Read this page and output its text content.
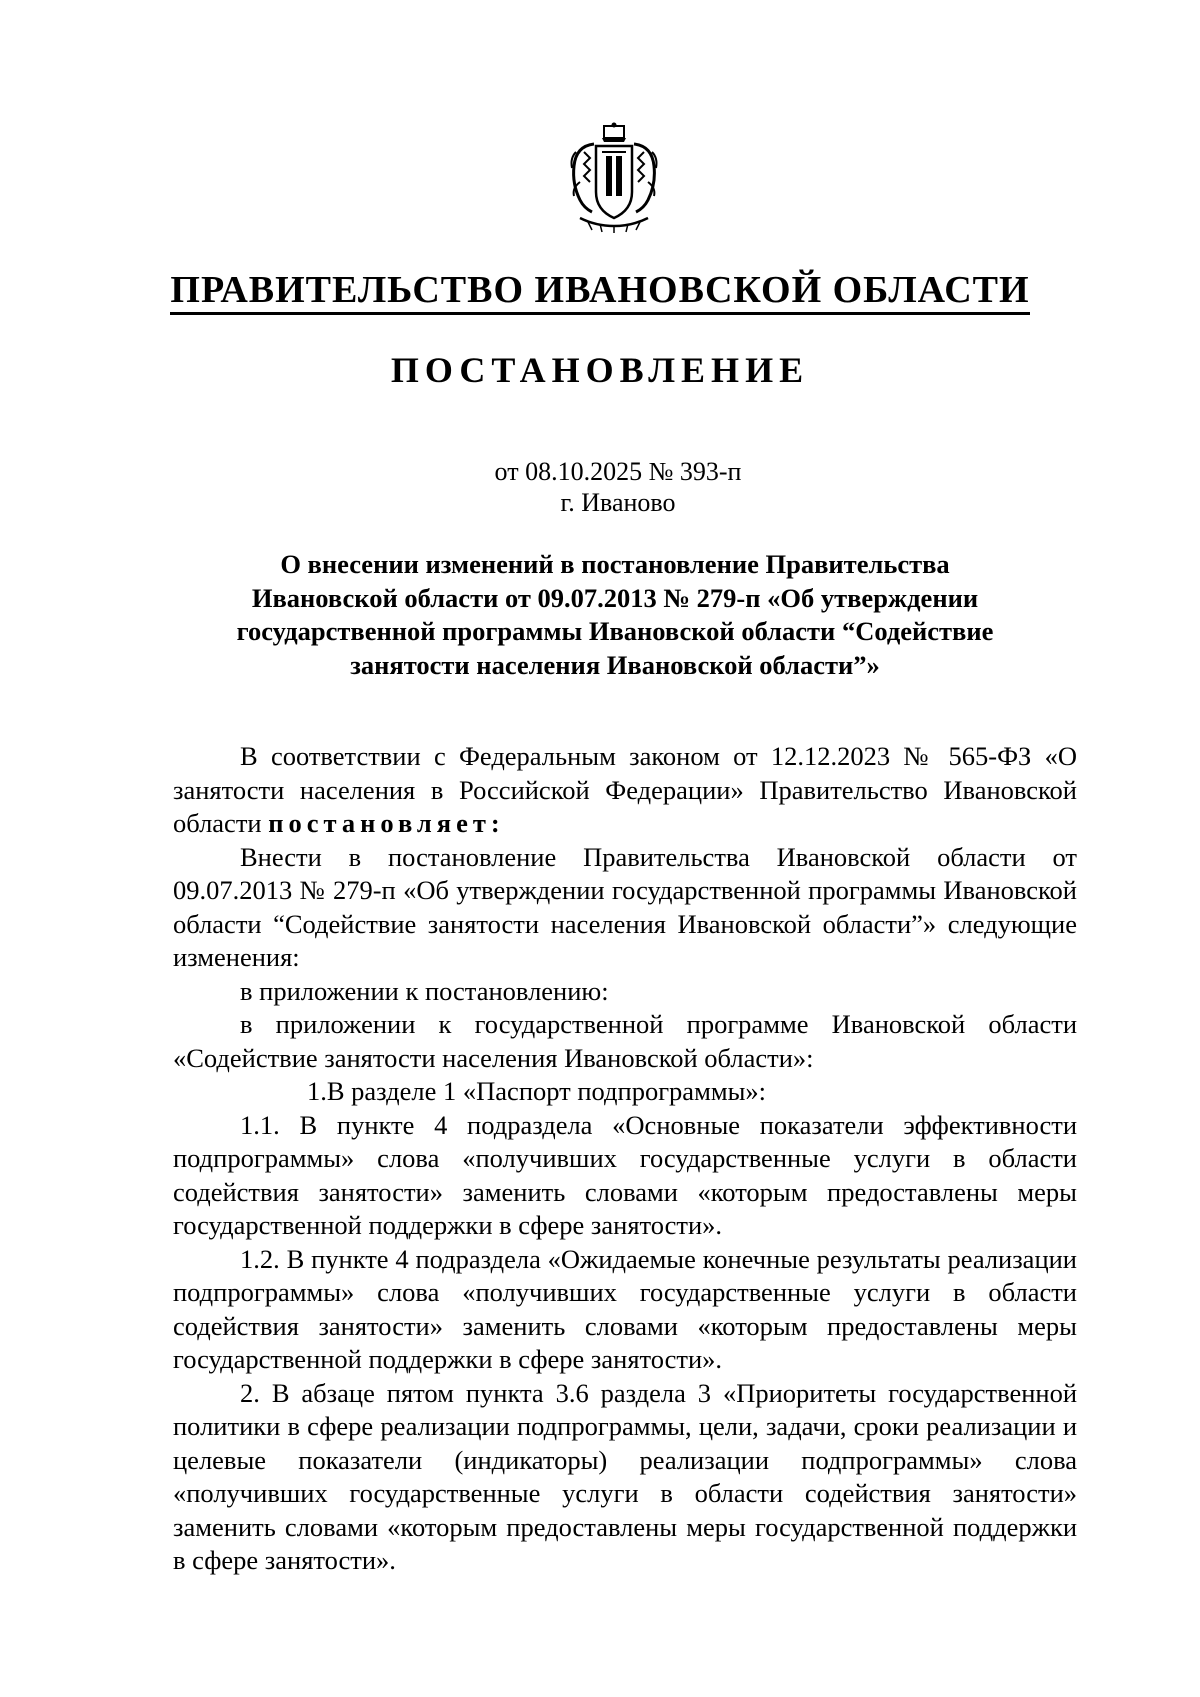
ПРАВИТЕЛЬСТВО ИВАНОВСКОЙ ОБЛАСТИ
ПОСТАНОВЛЕНИЕ
от 08.10.2025 № 393-п
г. Иваново
О внесении изменений в постановление Правительства
Ивановской области от 09.07.2013 № 279-п «Об утверждении
государственной программы Ивановской области “Содействие
занятости населения Ивановской области”»

В соответствии с Федеральным законом от 12.12.2023 № 565-ФЗ «О занятости населения в Российской Федерации» Правительство Ивановской области постановляет:

Внести в постановление Правительства Ивановской области от 09.07.2013 № 279-п «Об утверждении государственной программы Ивановской области “Содействие занятости населения Ивановской области”» следующие изменения:

в приложении к постановлению:

в приложении к государственной программе Ивановской области «Содействие занятости населения Ивановской области»:

1.В разделе 1 «Паспорт подпрограммы»:

1.1. В пункте 4 подраздела «Основные показатели эффективности подпрограммы» слова «получивших государственные услуги в области содействия занятости» заменить словами «которым предоставлены меры государственной поддержки в сфере занятости».

1.2. В пункте 4 подраздела «Ожидаемые конечные результаты реализации подпрограммы» слова «получивших государственные услуги в области содействия занятости» заменить словами «которым предоставлены меры государственной поддержки в сфере занятости».

2. В абзаце пятом пункта 3.6 раздела 3 «Приоритеты государственной политики в сфере реализации подпрограммы, цели, задачи, сроки реализации и целевые показатели (индикаторы) реализации подпрограммы» слова «получивших государственные услуги в области содействия занятости» заменить словами «которым предоставлены меры государственной поддержки в сфере занятости».
